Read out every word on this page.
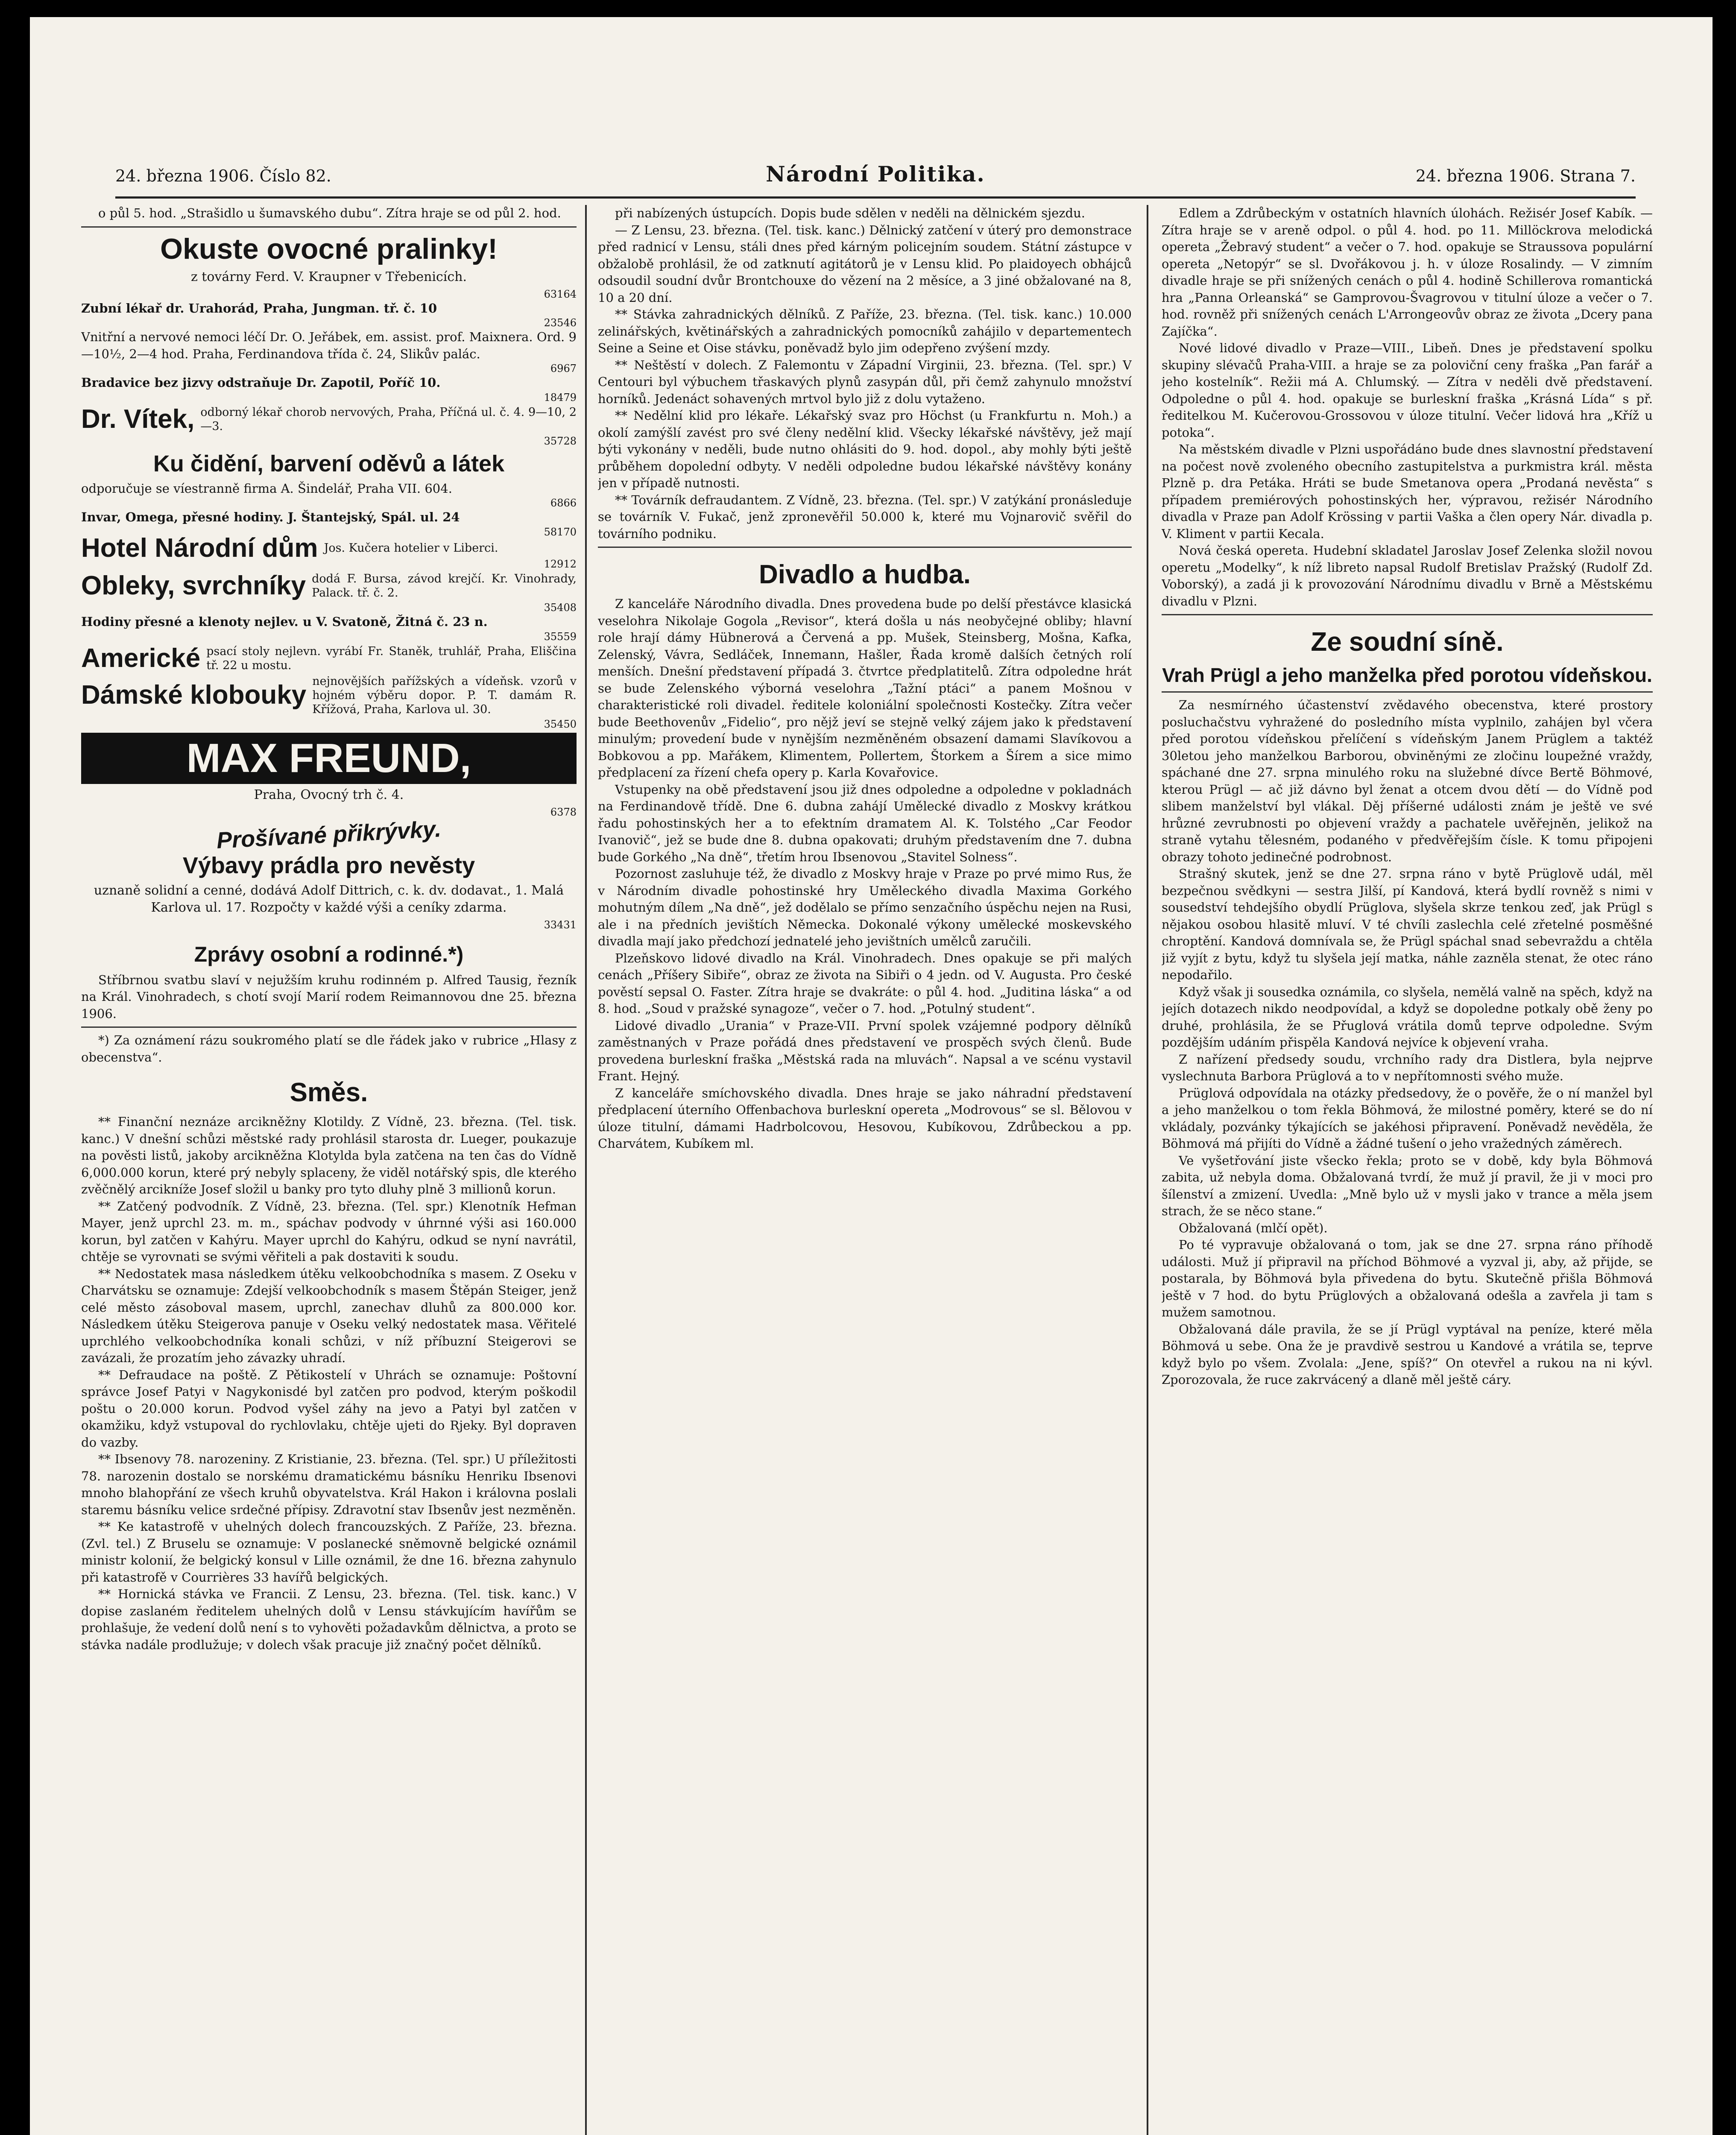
24. března 1906. Číslo 82.	Národní Politika.	24. března 1906. Strana 7.

o půl 5. hod. „Strašidlo u šumavského dubu“. Zítra hraje se od půl 2. hod.

Okuste ovocné pralinky!
z továrny Ferd. V. Kraupner v Třebenicích.
63164
Zubní lékař dr. Urahorád, Praha, Jungman. tř. č. 10
23546
Vnitřní a nervové nemoci léčí Dr. O. Jeřábek, em. assist. prof. Maixnera. Ord. 9—10½, 2—4 hod. Praha, Ferdinandova třída č. 24, Slikův palác.
6967
Bradavice bez jizvy odstraňuje Dr. Zapotil, Poříč 10.
18479
Dr. Vítek, odborný lékař chorob nervových, Praha, Příčná ul. č. 4. 9—10, 2—3.
35728
Ku čidění, barvení oděvů a látek
odporučuje se víestranně firma A. Šindelář, Praha VII. 604.
6866
Invar, Omega, přesné hodiny. J. Štantejský, Spál. ul. 24
58170
Hotel Národní dům Jos. Kučera hotelier v Liberci.
12912
Obleky, svrchníky dodá F. Bursa, závod krejčí. Kr. Vinohrady, Palack. tř. č. 2.
35408
Hodiny přesné a klenoty nejlev. u V. Svatoně, Žitná č. 23 n.
35559
Americké psací stoly nejlevn. vyrábí Fr. Staněk, truhlář, Praha, Eliščina tř. 22 u mostu.
Dámské klobouky nejnovějších pařížských a vídeňsk. vzorů v hojném výběru dopor. P. T. damám R. Křížová, Praha, Karlova ul. 30.
35450
MAX FREUND,
Praha, Ovocný trh č. 4.
6378
Prošívané přikrývky.
Výbavy prádla pro nevěsty
uznaně solidní a cenné, dodává Adolf Dittrich, c. k. dv. dodavat., 1. Malá Karlova ul. 17. Rozpočty v každé výši a ceníky zdarma.
33431
Zprávy osobní a rodinné.*)

Stříbrnou svatbu slaví v nejužším kruhu rodinném p. Alfred Tausig, řezník na Král. Vinohradech, s chotí svojí Marií rodem Reimannovou dne 25. března 1906.

*) Za oznámení rázu soukromého platí se dle řádek jako v rubrice „Hlasy z obecenstva“.

Směs.

** Finanční neznáze arcikněžny Klotildy. Z Vídně, 23. března. (Tel. tisk. kanc.) V dnešní schůzi městské rady prohlásil starosta dr. Lueger, poukazuje na pověsti listů, jakoby arcikněžna Klotylda byla zatčena na ten čas do Vídně 6,000.000 korun, které prý nebyly splaceny, že viděl notářský spis, dle kterého zvěčnělý arcikníže Josef složil u banky pro tyto dluhy plně 3 millionů korun.

** Zatčený podvodník. Z Vídně, 23. března. (Tel. spr.) Klenotník Hefman Mayer, jenž uprchl 23. m. m., spáchav podvody v úhrnné výši asi 160.000 korun, byl zatčen v Kahýru. Mayer uprchl do Kahýru, odkud se nyní navrátil, chtěje se vyrovnati se svými věřiteli a pak dostaviti k soudu.

** Nedostatek masa následkem útěku velkoobchodníka s masem. Z Oseku v Charvátsku se oznamuje: Zdejší velkoobchodník s masem Štěpán Steiger, jenž celé město zásoboval masem, uprchl, zanechav dluhů za 800.000 kor. Následkem útěku Steigerova panuje v Oseku velký nedostatek masa. Věřitelé uprchlého velkoobchodníka konali schůzi, v níž příbuzní Steigerovi se zavázali, že prozatím jeho závazky uhradí.

** Defraudace na poště. Z Pětikostelí v Uhrách se oznamuje: Poštovní správce Josef Patyi v Nagykonisdé byl zatčen pro podvod, kterým poškodil poštu o 20.000 korun. Podvod vyšel záhy na jevo a Patyi byl zatčen v okamžiku, když vstupoval do rychlovlaku, chtěje ujeti do Rjeky. Byl dopraven do vazby.

** Ibsenovy 78. narozeniny. Z Kristianie, 23. března. (Tel. spr.) U příležitosti 78. narozenin dostalo se norskému dramatickému básníku Henriku Ibsenovi mnoho blahopřání ze všech kruhů obyvatelstva. Král Hakon i královna poslali staremu básníku velice srdečné přípisy. Zdravotní stav Ibsenův jest nezměněn.

** Ke katastrofě v uhelných dolech francouzských. Z Paříže, 23. března. (Zvl. tel.) Z Bruselu se oznamuje: V poslanecké sněmovně belgické oznámil ministr kolonií, že belgický konsul v Lille oznámil, že dne 16. března zahynulo při katastrofě v Courrières 33 havířů belgických.

** Hornická stávka ve Francii. Z Lensu, 23. března. (Tel. tisk. kanc.) V dopise zaslaném ředitelem uhelných dolů v Lensu stávkujícím havířům se prohlašuje, že vedení dolů není s to vyhověti požadavkům dělnictva, a proto se stávka nadále prodlužuje; v dolech však pracuje již značný počet dělníků.

při nabízených ústupcích. Dopis bude sdělen v neděli na dělnickém sjezdu.

— Z Lensu, 23. března. (Tel. tisk. kanc.) Dělnický zatčení v úterý pro demonstrace před radnicí v Lensu, stáli dnes před kárným policejním soudem. Státní zástupce v obžalobě prohlásil, že od zatknutí agitátorů je v Lensu klid. Po plaidoyech obhájců odsoudil soudní dvůr Brontchouxe do vězení na 2 měsíce, a 3 jiné obžalované na 8, 10 a 20 dní.

** Stávka zahradnických dělníků. Z Paříže, 23. března. (Tel. tisk. kanc.) 10.000 zelinářských, květinářských a zahradnických pomocníků zahájilo v departementech Seine a Seine et Oise stávku, poněvadž bylo jim odepřeno zvýšení mzdy.

** Neštěstí v dolech. Z Falemontu v Západní Virginii, 23. března. (Tel. spr.) V Centouri byl výbuchem třaskavých plynů zasypán důl, při čemž zahynulo množství horníků. Jedenáct sohavených mrtvol bylo již z dolu vytaženo.

** Nedělní klid pro lékaře. Lékařský svaz pro Höchst (u Frankfurtu n. Moh.) a okolí zamýšlí zavést pro své členy nedělní klid. Všecky lékařské návštěvy, jež mají býti vykonány v neděli, bude nutno ohlásiti do 9. hod. dopol., aby mohly býti ještě průběhem dopolední odbyty. V neděli odpoledne budou lékařské návštěvy konány jen v případě nutnosti.

** Továrník defraudantem. Z Vídně, 23. března. (Tel. spr.) V zatýkání pronásleduje se továrník V. Fukač, jenž zpronevěřil 50.000 k, které mu Vojnarovič svěřil do továrního podniku.

Divadlo a hudba.

Z kanceláře Národního divadla. Dnes provedena bude po delší přestávce klasická veselohra Nikolaje Gogola „Revisor“, která došla u nás neobyčejné obliby; hlavní role hrají dámy Hübnerová a Červená a pp. Mušek, Steinsberg, Mošna, Kafka, Zelenský, Vávra, Sedláček, Innemann, Hašler, Řada kromě dalších četných rolí menších. Dnešní představení případá 3. čtvrtce předplatitelů. Zítra odpoledne hrát se bude Zelenského výborná veselohra „Tažní ptáci“ a panem Mošnou v charakteristické roli divadel. ředitele koloniální společnosti Kostečky. Zítra večer bude Beethovenův „Fidelio“, pro nějž jeví se stejně velký zájem jako k představení minulým; provedení bude v nynějším nezměněném obsazení damami Slavíkovou a Bobkovou a pp. Mařákem, Klimentem, Pollertem, Štorkem a Šírem a sice mimo předplacení za řízení chefa opery p. Karla Kovařovice.

Vstupenky na obě představení jsou již dnes odpoledne a odpoledne v pokladnách na Ferdinandově třídě. Dne 6. dubna zahájí Umělecké divadlo z Moskvy krátkou řadu pohostinských her a to efektním dramatem Al. K. Tolstého „Car Feodor Ivanovič“, jež se bude dne 8. dubna opakovati; druhým představením dne 7. dubna bude Gorkého „Na dně“, třetím hrou Ibsenovou „Stavitel Solness“.

Pozornost zasluhuje též, že divadlo z Moskvy hraje v Praze po prvé mimo Rus, že v Národním divadle pohostinské hry Uměleckého divadla Maxima Gorkého mohutným dílem „Na dně“, jež dodělalo se přímo senzačního úspěchu nejen na Rusi, ale i na předních jevištích Německa. Dokonalé výkony umělecké moskevského divadla mají jako předchozí jednatelé jeho jevištních umělců zaručili.

Plzeňskovo lidové divadlo na Král. Vinohradech. Dnes opakuje se při malých cenách „Příšery Sibiře“, obraz ze života na Sibiři o 4 jedn. od V. Augusta. Pro české pověstí sepsal O. Faster. Zítra hraje se dvakráte: o půl 4. hod. „Juditina láska“ a od 8. hod. „Soud v pražské synagoze“, večer o 7. hod. „Potulný student“.

Lidové divadlo „Urania“ v Praze-VII. První spolek vzájemné podpory dělníků zaměstnaných v Praze pořádá dnes představení ve prospěch svých členů. Bude provedena burleskní fraška „Městská rada na mluvách“. Napsal a ve scénu vystavil Frant. Hejný.

Z kanceláře smíchovského divadla. Dnes hraje se jako náhradní představení předplacení úterního Offenbachova burleskní opereta „Modrovous“ se sl. Bělovou v úloze titulní, dámami Hadrbolcovou, Hesovou, Kubíkovou, Zdrůbeckou a pp. Charvátem, Kubíkem ml.

Edlem a Zdrůbeckým v ostatních hlavních úlohách. Režisér Josef Kabík. — Zítra hraje se v areně odpol. o půl 4. hod. po 11. Millöckrova melodická opereta „Žebravý student“ a večer o 7. hod. opakuje se Straussova populární opereta „Netopýr“ se sl. Dvořákovou j. h. v úloze Rosalindy. — V zimním divadle hraje se při snížených cenách o půl 4. hodině Schillerova romantická hra „Panna Orleanská“ se Gamprovou-Švagrovou v titulní úloze a večer o 7. hod. rovněž při snížených cenách L'Arrongeovův obraz ze života „Dcery pana Zajíčka“.

Nové lidové divadlo v Praze—VIII., Libeň. Dnes je představení spolku skupiny slévačů Praha-VIII. a hraje se za poloviční ceny fraška „Pan farář a jeho kostelník“. Režii má A. Chlumský. — Zítra v neděli dvě představení. Odpoledne o půl 4. hod. opakuje se burleskní fraška „Krásná Lída“ s př. ředitelkou M. Kučerovou-Grossovou v úloze titulní. Večer lidová hra „Kříž u potoka“.

Na městském divadle v Plzni uspořádáno bude dnes slavnostní představení na počest nově zvoleného obecního zastupitelstva a purkmistra král. města Plzně p. dra Petáka. Hráti se bude Smetanova opera „Prodaná nevěsta“ s případem premiérových pohostinských her, výpravou, režisér Národního divadla v Praze pan Adolf Krössing v partii Vaška a člen opery Nár. divadla p. V. Kliment v partii Kecala.

Nová česká opereta. Hudební skladatel Jaroslav Josef Zelenka složil novou operetu „Modelky“, k níž libreto napsal Rudolf Bretislav Pražský (Rudolf Zd. Voborský), a zadá ji k provozování Národnímu divadlu v Brně a Městskému divadlu v Plzni.

Ze soudní síně.
Vrah Prügl a jeho manželka před porotou vídeňskou.

Za nesmírného účastenství zvědavého obecenstva, které prostory posluchačstvu vyhražené do posledního místa vyplnilo, zahájen byl včera před porotou vídeňskou přelíčení s vídeňským Janem Prüglem a taktéž 30letou jeho manželkou Barborou, obviněnými ze zločinu loupežné vraždy, spáchané dne 27. srpna minulého roku na služebné dívce Bertě Böhmové, kterou Prügl — ač již dávno byl ženat a otcem dvou dětí — do Vídně pod slibem manželství byl vlákal. Děj příšerné události znám je ještě ve své hrůzné zevrubnosti po objevení vraždy a pachatele uvěřejněn, jelikož na straně vytahu tělesném, podaného v předvěřejším čísle. K tomu připojeni obrazy tohoto jedinečné podrobnost.

Strašný skutek, jenž se dne 27. srpna ráno v bytě Prüglově udál, měl bezpečnou svědkyni — sestra Jilší, pí Kandová, která bydlí rovněž s nimi v sousedství tehdejšího obydlí Prüglova, slyšela skrze tenkou zeď, jak Prügl s nějakou osobou hlasitě mluví. V té chvíli zaslechla celé zřetelné posměšné chroptění. Kandová domnívala se, že Prügl spáchal snad sebevraždu a chtěla již vyjít z bytu, když tu slyšela její matka, náhle zazněla stenat, že otec ráno nepodařilo.

Když však ji sousedka oznámila, co slyšela, nemělá valně na spěch, když na jejích dotazech nikdo neodpovídal, a když se dopoledne potkaly obě ženy po druhé, prohlásila, že se Přuglová vrátila domů teprve odpoledne. Svým pozdějším udáním přispěla Kandová nejvíce k objevení vraha.

Z nařízení předsedy soudu, vrchního rady dra Distlera, byla nejprve vyslechnuta Barbora Prüglová a to v nepřítomnosti svého muže.

Prüglová odpovídala na otázky předsedovy, že o pověře, že o ní manžel byl a jeho manželkou o tom řekla Böhmová, že milostné poměry, které se do ní vkládaly, pozvánky týkajících se jakéhosi připravení. Poněvadž nevěděla, že Böhmová má přijíti do Vídně a žádné tušení o jeho vražedných záměrech.

Ve vyšetřování jiste všecko řekla; proto se v době, kdy byla Böhmová zabita, už nebyla doma. Obžalovaná tvrdí, že muž jí pravil, že ji v moci pro šílenství a zmizení. Uvedla: „Mně bylo už v mysli jako v trance a měla jsem strach, že se něco stane.“

Obžalovaná (mlčí opět).

Po té vypravuje obžalovaná o tom, jak se dne 27. srpna ráno příhodě události. Muž jí připravil na příchod Böhmové a vyzval ji, aby, až přijde, se postarala, by Böhmová byla přivedena do bytu. Skutečně přišla Böhmová ještě v 7 hod. do bytu Prüglových a obžalovaná odešla a zavřela ji tam s mužem samotnou.

Obžalovaná dále pravila, že se jí Prügl vyptával na peníze, které měla Böhmová u sebe. Ona že je pravdivě sestrou u Kandové a vrátila se, teprve když bylo po všem. Zvolala: „Jene, spíš?“ On otevřel a rukou na ni kývl. Zporozovala, že ruce zakrvácený a dlaně měl ještě cáry.
